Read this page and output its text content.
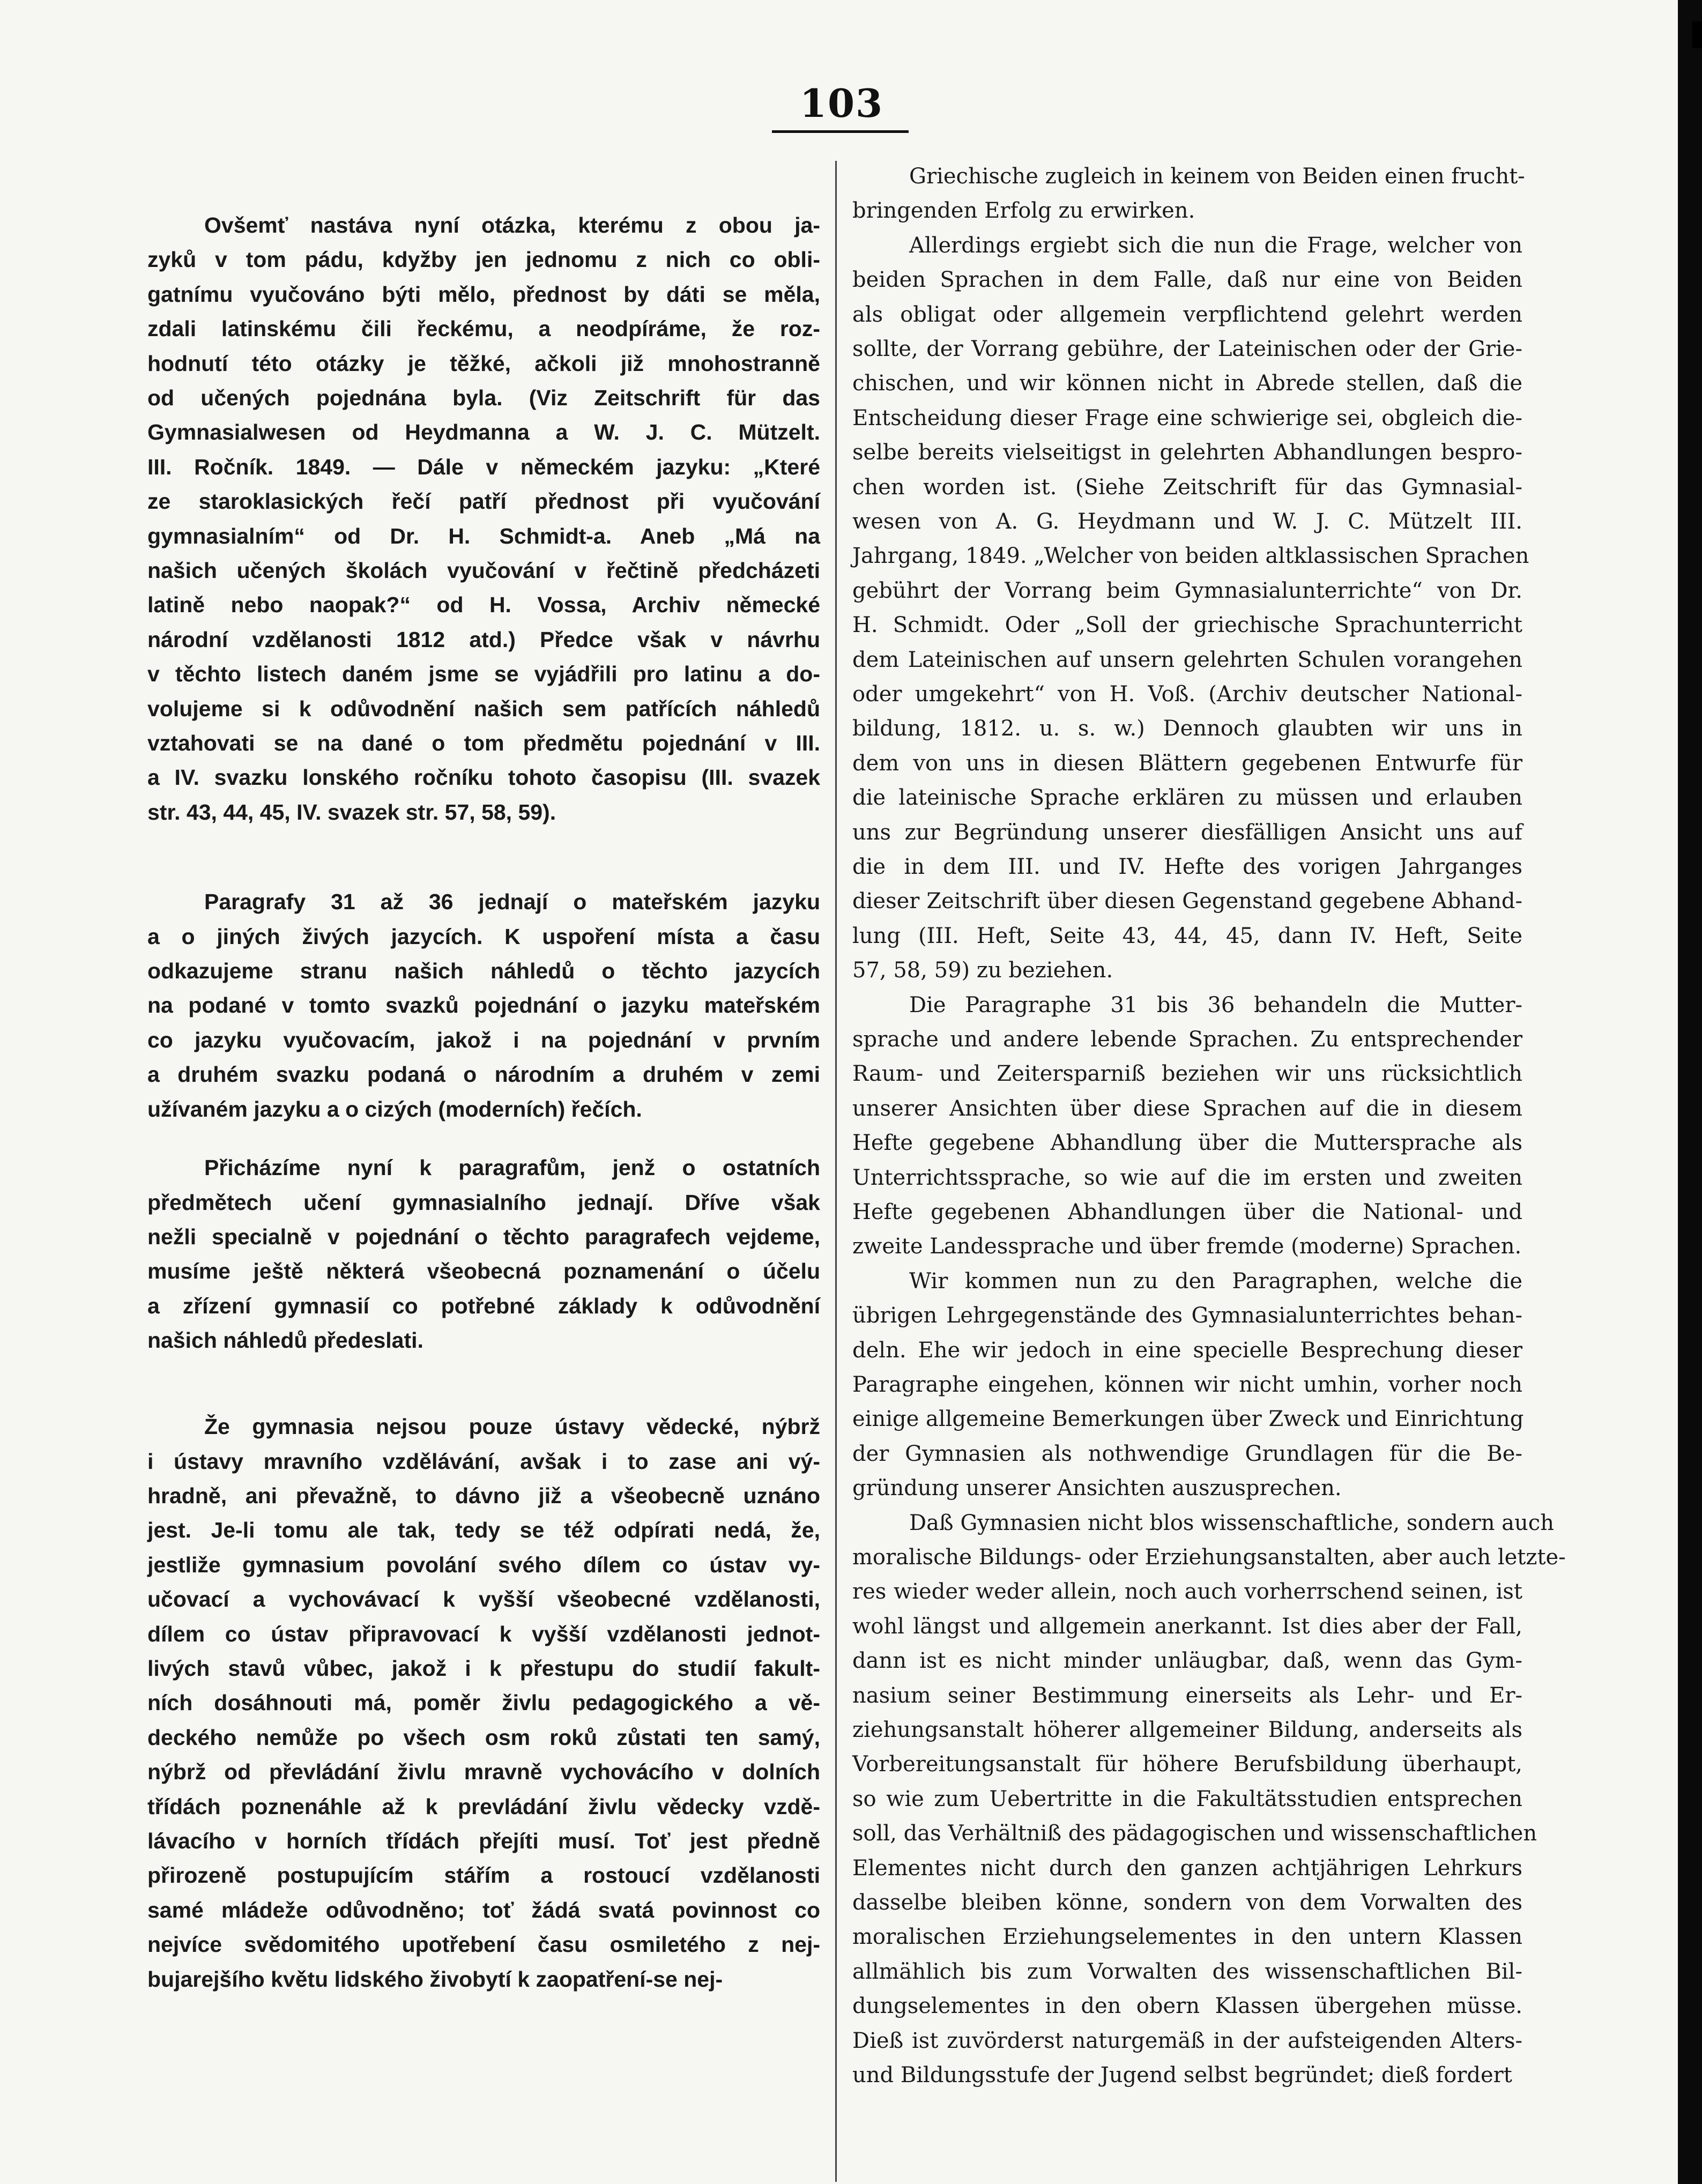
103
Ovšemť nastáva nyní otázka, kterému z obou ja-
zyků v tom pádu, kdyžby jen jednomu z nich co obli-
gatnímu vyučováno býti mělo, přednost by dáti se měla,
zdali latinskému čili řeckému, a neodpíráme, že roz-
hodnutí této otázky je těžké, ačkoli již mnohostranně
od učených pojednána byla. (Viz Zeitschrift für das
Gymnasialwesen od Heydmanna a W. J. C. Mützelt.
III. Ročník. 1849. — Dále v německém jazyku: „Které
ze staroklasických řečí patří přednost při vyučování
gymnasialním“ od Dr. H. Schmidt-a. Aneb „Má na
našich učených školách vyučování v řečtině předcházeti
latině nebo naopak?“ od H. Vossa, Archiv německé
národní vzdělanosti 1812 atd.) Předce však v návrhu
v těchto listech daném jsme se vyjádřili pro latinu a do-
volujeme si k odůvodnění našich sem patřících náhledů
vztahovati se na dané o tom předmětu pojednání v III.
a IV. svazku lonského ročníku tohoto časopisu (III. svazek
str. 43, 44, 45, IV. svazek str. 57, 58, 59).
Paragrafy 31 až 36 jednají o mateřském jazyku
a o jiných živých jazycích. K uspoření místa a času
odkazujeme stranu našich náhledů o těchto jazycích
na podané v tomto svazků pojednání o jazyku mateřském
co jazyku vyučovacím, jakož i na pojednání v prvním
a druhém svazku podaná o národním a druhém v zemi
užívaném jazyku a o cizých (moderních) řečích.
Přicházíme nyní k paragrafům, jenž o ostatních
předmětech učení gymnasialního jednají. Dříve však
nežli specialně v pojednání o těchto paragrafech vejdeme,
musíme ještě některá všeobecná poznamenání o účelu
a zřízení gymnasií co potřebné základy k odůvodnění
našich náhledů předeslati.
Že gymnasia nejsou pouze ústavy vědecké, nýbrž
i ústavy mravního vzdělávání, avšak i to zase ani vý-
hradně, ani převažně, to dávno již a všeobecně uznáno
jest. Je-li tomu ale tak, tedy se též odpírati nedá, že,
jestliže gymnasium povolání svého dílem co ústav vy-
učovací a vychovávací k vyšší všeobecné vzdělanosti,
dílem co ústav připravovací k vyšší vzdělanosti jednot-
livých stavů vůbec, jakož i k přestupu do studií fakult-
ních dosáhnouti má, poměr živlu pedagogického a vě-
deckého nemůže po všech osm roků zůstati ten samý,
nýbrž od převládání živlu mravně vychovácího v dolních
třídách poznenáhle až k prevládání živlu vědecky vzdě-
lávacího v horních třídách přejíti musí. Toť jest předně
přirozeně postupujícím stářím a rostoucí vzdělanosti
samé mládeže odůvodněno; toť žádá svatá povinnost co
nejvíce svědomitého upotřebení času osmiletého z nej-
bujarejšího květu lidského živobytí k zaopatření-se nej-
Griechische zugleich in keinem von Beiden einen frucht-
bringenden Erfolg zu erwirken.
Allerdings ergiebt sich die nun die Frage, welcher von
beiden Sprachen in dem Falle, daß nur eine von Beiden
als obligat oder allgemein verpflichtend gelehrt werden
sollte, der Vorrang gebühre, der Lateinischen oder der Grie-
chischen, und wir können nicht in Abrede stellen, daß die
Entscheidung dieser Frage eine schwierige sei, obgleich die-
selbe bereits vielseitigst in gelehrten Abhandlungen bespro-
chen worden ist. (Siehe Zeitschrift für das Gymnasial-
wesen von A. G. Heydmann und W. J. C. Mützelt III.
Jahrgang, 1849. „Welcher von beiden altklassischen Sprachen
gebührt der Vorrang beim Gymnasialunterrichte“ von Dr.
H. Schmidt. Oder „Soll der griechische Sprachunterricht
dem Lateinischen auf unsern gelehrten Schulen vorangehen
oder umgekehrt“ von H. Voß. (Archiv deutscher National-
bildung, 1812. u. s. w.) Dennoch glaubten wir uns in
dem von uns in diesen Blättern gegebenen Entwurfe für
die lateinische Sprache erklären zu müssen und erlauben
uns zur Begründung unserer diesfälligen Ansicht uns auf
die in dem III. und IV. Hefte des vorigen Jahrganges
dieser Zeitschrift über diesen Gegenstand gegebene Abhand-
lung (III. Heft, Seite 43, 44, 45, dann IV. Heft, Seite
57, 58, 59) zu beziehen.
Die Paragraphe 31 bis 36 behandeln die Mutter-
sprache und andere lebende Sprachen. Zu entsprechender
Raum- und Zeitersparniß beziehen wir uns rücksichtlich
unserer Ansichten über diese Sprachen auf die in diesem
Hefte gegebene Abhandlung über die Muttersprache als
Unterrichtssprache, so wie auf die im ersten und zweiten
Hefte gegebenen Abhandlungen über die National- und
zweite Landessprache und über fremde (moderne) Sprachen.
Wir kommen nun zu den Paragraphen, welche die
übrigen Lehrgegenstände des Gymnasialunterrichtes behan-
deln. Ehe wir jedoch in eine specielle Besprechung dieser
Paragraphe eingehen, können wir nicht umhin, vorher noch
einige allgemeine Bemerkungen über Zweck und Einrichtung
der Gymnasien als nothwendige Grundlagen für die Be-
gründung unserer Ansichten auszusprechen.
Daß Gymnasien nicht blos wissenschaftliche, sondern auch
moralische Bildungs- oder Erziehungsanstalten, aber auch letzte-
res wieder weder allein, noch auch vorherrschend seinen, ist
wohl längst und allgemein anerkannt. Ist dies aber der Fall,
dann ist es nicht minder unläugbar, daß, wenn das Gym-
nasium seiner Bestimmung einerseits als Lehr- und Er-
ziehungsanstalt höherer allgemeiner Bildung, anderseits als
Vorbereitungsanstalt für höhere Berufsbildung überhaupt,
so wie zum Uebertritte in die Fakultätsstudien entsprechen
soll, das Verhältniß des pädagogischen und wissenschaftlichen
Elementes nicht durch den ganzen achtjährigen Lehrkurs
dasselbe bleiben könne, sondern von dem Vorwalten des
moralischen Erziehungselementes in den untern Klassen
allmählich bis zum Vorwalten des wissenschaftlichen Bil-
dungselementes in den obern Klassen übergehen müsse.
Dieß ist zuvörderst naturgemäß in der aufsteigenden Alters-
und Bildungsstufe der Jugend selbst begründet; dieß fordert
